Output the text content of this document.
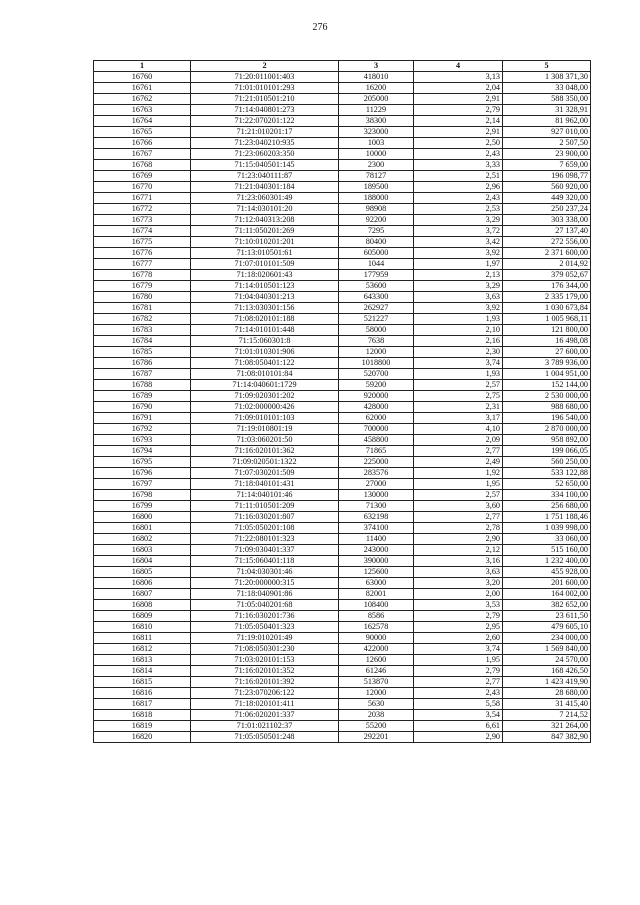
276
1	2	3	4	5
16760	71:20:011001:403	418010	3,13	1 308 371,30
16761	71:01:010101:293	16200	2,04	33 048,00
16762	71:21:010501:210	205000	2,91	588 350,00
16763	71:14:040801:273	11229	2,79	31 328,91
16764	71:22:070201:122	38300	2,14	81 962,00
16765	71:21:010201:17	323000	2,91	927 010,00
16766	71:23:040210:935	1003	2,50	2 507,50
16767	71:23:060203:350	10000	2,43	23 900,00
16768	71:15:040501:145	2300	3,33	7 659,00
16769	71:23:040111:87	78127	2,51	196 098,77
16770	71:21:040301:184	189500	2,96	560 920,00
16771	71:23:060301:49	188000	2,43	449 320,00
16772	71:14:030101:20	98908	2,53	250 237,24
16773	71:12:040313:208	92200	3,29	303 338,00
16774	71:11:050201:269	7295	3,72	27 137,40
16775	71:10:010201:201	80400	3,42	272 556,00
16776	71:13:010501:61	605000	3,92	2 371 600,00
16777	71:07:010101:509	1044	1,97	2 014,92
16778	71:18:020601:43	177959	2,13	379 052,67
16779	71:14:010501:123	53600	3,29	176 344,00
16780	71:04:040301:213	643300	3,63	2 335 179,00
16781	71:13:030301:156	262927	3,92	1 030 673,84
16782	71:08:020101:188	521227	1,93	1 005 968,11
16783	71:14:010101:448	58000	2,10	121 800,00
16784	71:15:060301:8	7638	2,16	16 498,08
16785	71:01:010301:906	12000	2,30	27 600,00
16786	71:08:050401:122	1018800	3,74	3 789 936,00
16787	71:08:010101:84	520700	1,93	1 004 951,00
16788	71:14:040601:1729	59200	2,57	152 144,00
16789	71:09:020301:202	920000	2,75	2 530 000,00
16790	71:02:000000:426	428000	2,31	988 680,00
16791	71:09:010101:103	62000	3,17	196 540,00
16792	71:19:010801:19	700000	4,10	2 870 000,00
16793	71:03:060201:50	458800	2,09	958 892,00
16794	71:16:020101:362	71865	2,77	199 066,05
16795	71:09:020501:1322	225000	2,49	560 250,00
16796	71:07:030201:509	283576	1,92	533 122,88
16797	71:18:040101:431	27000	1,95	52 650,00
16798	71:14:040101:46	130000	2,57	334 100,00
16799	71:11:010501:209	71300	3,60	256 680,00
16800	71:16:030201:807	632198	2,77	1 751 188,46
16801	71:05:050201:108	374100	2,78	1 039 998,00
16802	71:22:080101:323	11400	2,90	33 060,00
16803	71:09:030401:337	243000	2,12	515 160,00
16804	71:15:060401:118	390000	3,16	1 232 400,00
16805	71:04:030301:46	125600	3,63	455 928,00
16806	71:20:000000:315	63000	3,20	201 600,00
16807	71:18:040901:86	82001	2,00	164 002,00
16808	71:05:040201:68	108400	3,53	382 652,00
16809	71:16:030201:736	8586	2,79	23 611,50
16810	71:05:050401:323	162578	2,95	479 605,10
16811	71:19:010201:49	90000	2,60	234 000,00
16812	71:08:050301:230	422000	3,74	1 569 840,00
16813	71:03:020101:153	12600	1,95	24 570,00
16814	71:16:020101:352	61246	2,79	168 426,50
16815	71:16:020101:392	513870	2,77	1 423 419,90
16816	71:23:070206:122	12000	2,43	28 680,00
16817	71:18:020101:411	5630	5,58	31 415,40
16818	71:06:020201:337	2038	3,54	7 214,52
16819	71:01:021102:37	55200	6,61	321 264,00
16820	71:05:050501:248	292201	2,90	847 382,90
